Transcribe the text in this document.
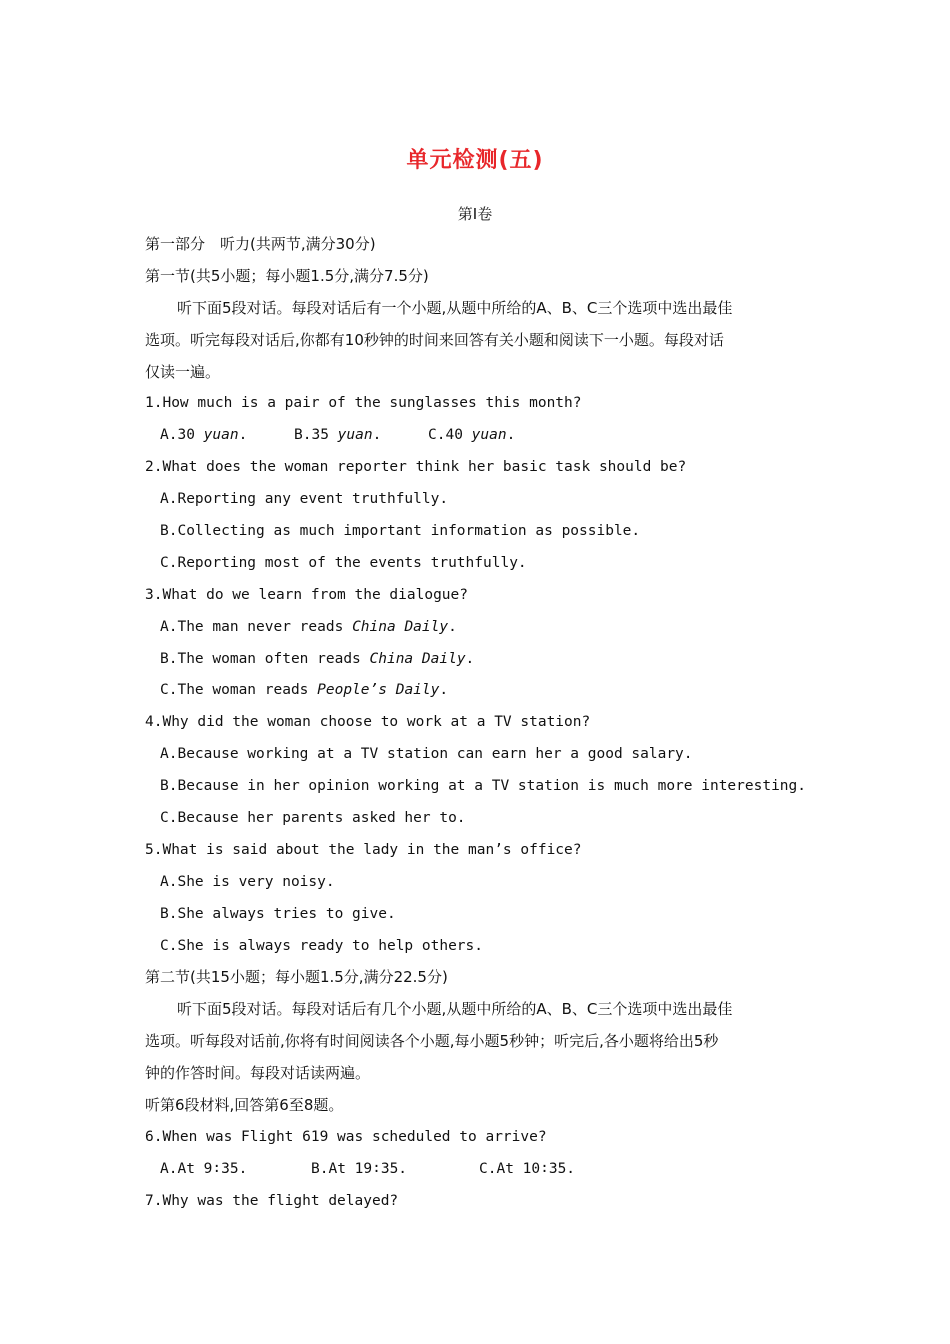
单元检测(五)
第Ⅰ卷
第一部分　听力(共两节,满分30分)
第一节(共5小题；每小题1.5分,满分7.5分)
听下面5段对话。每段对话后有一个小题,从题中所给的A、B、C三个选项中选出最佳
选项。听完每段对话后,你都有10秒钟的时间来回答有关小题和阅读下一小题。每段对话
仅读一遍。
1.How much is a pair of the sunglasses this month?
A.30 yuan.	B.35 yuan.	C.40 yuan.
2.What does the woman reporter think her basic task should be?
A.Reporting any event truthfully.
B.Collecting as much important information as possible.
C.Reporting most of the events truthfully.
3.What do we learn from the dialogue?
A.The man never reads China Daily.
B.The woman often reads China Daily.
C.The woman reads People’s Daily.
4.Why did the woman choose to work at a TV station?
A.Because working at a TV station can earn her a good salary.
B.Because in her opinion working at a TV station is much more interesting.
C.Because her parents asked her to.
5.What is said about the lady in the man’s office?
A.She is very noisy.
B.She always tries to give.
C.She is always ready to help others.
第二节(共15小题；每小题1.5分,满分22.5分)
听下面5段对话。每段对话后有几个小题,从题中所给的A、B、C三个选项中选出最佳
选项。听每段对话前,你将有时间阅读各个小题,每小题5秒钟；听完后,各小题将给出5秒
钟的作答时间。每段对话读两遍。
听第6段材料,回答第6至8题。
6.When was Flight 619 was scheduled to arrive?
A.At 9∶35.	B.At 19∶35.	C.At 10∶35.
7.Why was the flight delayed?
